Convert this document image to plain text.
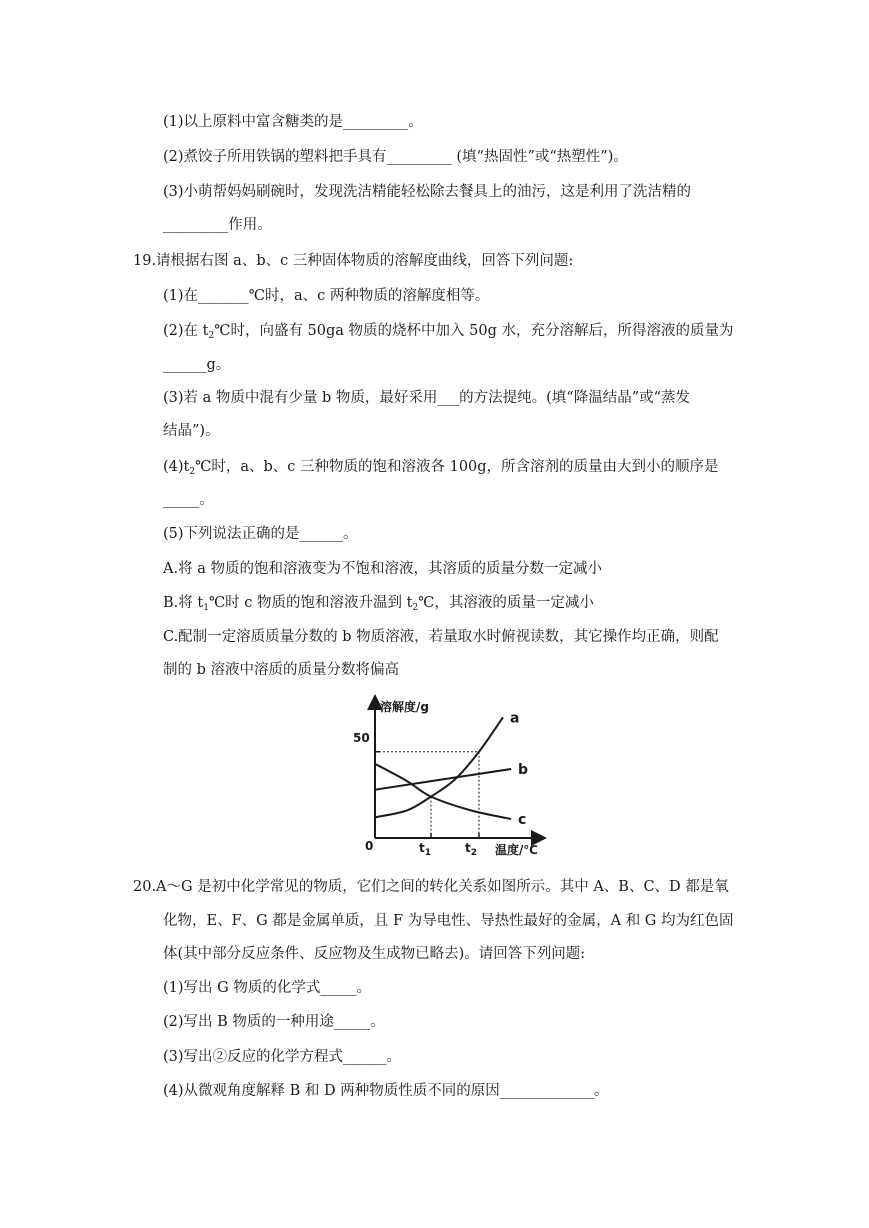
(1)以上原料中富含糖类的是_________。
(2)煮饺子所用铁锅的塑料把手具有_________ (填“热固性”或“热塑性”)。
(3)小萌帮妈妈刷碗时，发现洗洁精能轻松除去餐具上的油污，这是利用了洗洁精的
_________作用。
19.请根据右图 a、b、c 三种固体物质的溶解度曲线，回答下列问题:
(1)在_______℃时，a、c 两种物质的溶解度相等。
(2)在 $t_2℃$时，向盛有 50ga 物质的烧杯中加入 50g 水，充分溶解后，所得溶液的质量为
______g。
(3)若 a 物质中混有少量 b 物质，最好采用___的方法提纯。(填“降温结晶”或“蒸发
结晶”)。
$(4)t_2℃$时，a、b、c 三种物质的饱和溶液各 100g，所含溶剂的质量由大到小的顺序是
_____。
(5)下列说法正确的是______。
A.将 a 物质的饱和溶液变为不饱和溶液，其溶质的质量分数一定减小
B.将 $t_1℃$时 c 物质的饱和溶液升温到 $t_2℃$，其溶液的质量一定减小
C.配制一定溶质质量分数的 b 物质溶液，若量取水时俯视读数，其它操作均正确，则配
制的 b 溶液中溶质的质量分数将偏高
a
b
c
溶解度/g
温度/℃
0
50
$t_1$	$t_2$
20.A～G 是初中化学常见的物质，它们之间的转化关系如图所示。其中 A、B、C、D 都是氧
化物，E、F、G 都是金属单质，且 F 为导电性、导热性最好的金属，A 和 G 均为红色固
体(其中部分反应条件、反应物及生成物已略去)。请回答下列问题:
(1)写出 G 物质的化学式_____。
(2)写出 B 物质的一种用途_____。
(3)写出②反应的化学方程式______。
(4)从微观角度解释 B 和 D 两种物质性质不同的原因_____________。
